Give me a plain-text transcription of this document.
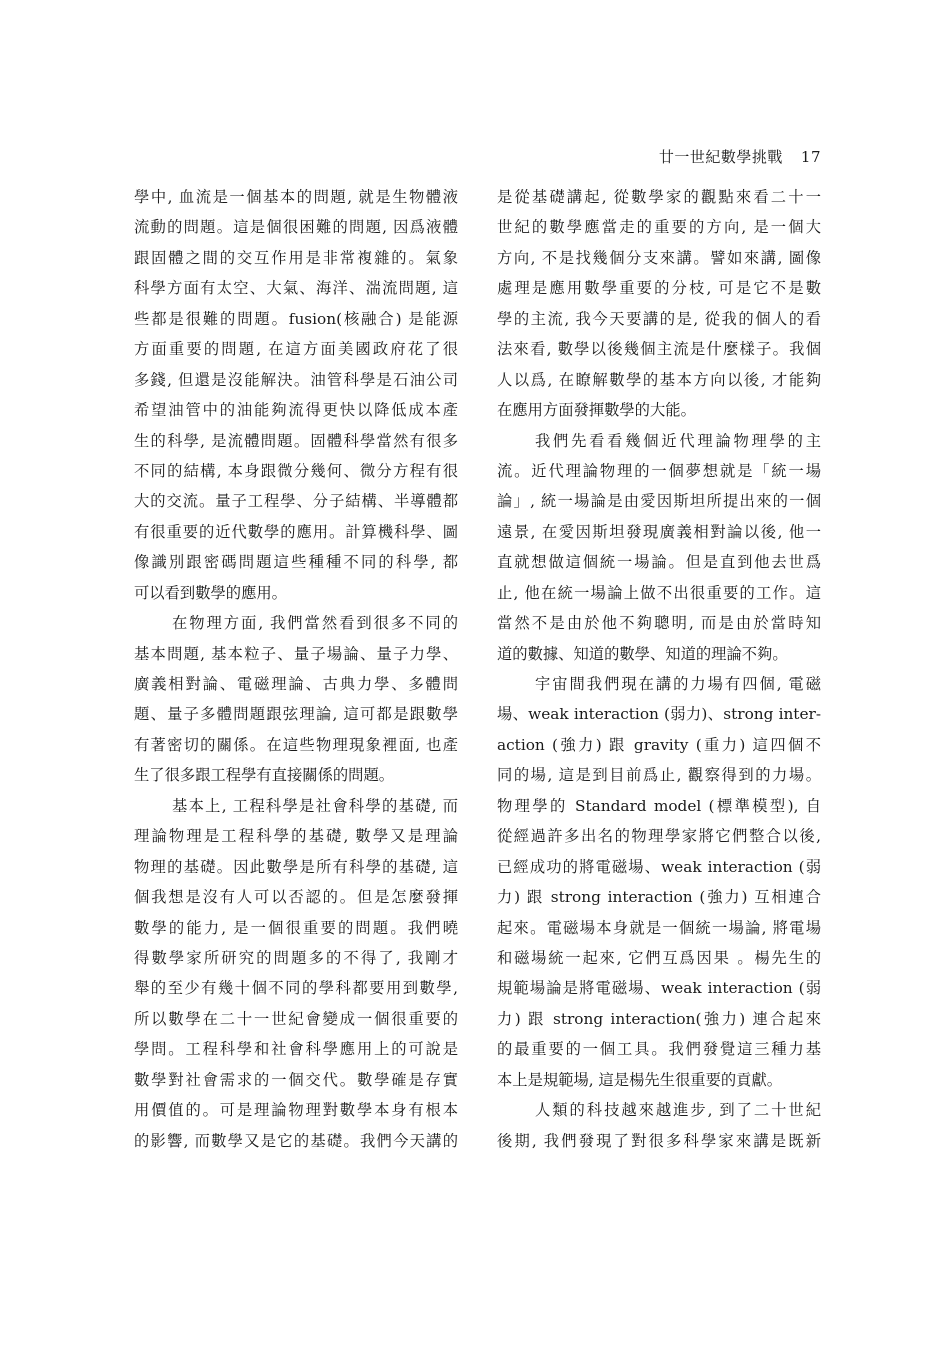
廿一世紀數學挑戰 17
學中, 血流是一個基本的問題, 就是生物體液
流動的問題。這是個很困難的問題, 因爲液體
跟固體之間的交互作用是非常複雜的。氣象
科學方面有太空、大氣、海洋、湍流問題, 這
些都是很難的問題。fusion(核融合) 是能源
方面重要的問題, 在這方面美國政府花了很
多錢, 但還是沒能解決。油管科學是石油公司
希望油管中的油能夠流得更快以降低成本產
生的科學, 是流體問題。固體科學當然有很多
不同的結構, 本身跟微分幾何、微分方程有很
大的交流。量子工程學、分子結構、半導體都
有很重要的近代數學的應用。計算機科學、圖
像識別跟密碼問題這些種種不同的科學, 都
可以看到數學的應用。
在物理方面, 我們當然看到很多不同的
基本問題, 基本粒子、量子場論、量子力學、
廣義相對論、電磁理論、古典力學、多體問
題、量子多體問題跟弦理論, 這可都是跟數學
有著密切的關係。在這些物理現象裡面, 也產
生了很多跟工程學有直接關係的問題。
基本上, 工程科學是社會科學的基礎, 而
理論物理是工程科學的基礎, 數學又是理論
物理的基礎。因此數學是所有科學的基礎, 這
個我想是沒有人可以否認的。但是怎麼發揮
數學的能力, 是一個很重要的問題。我們曉
得數學家所研究的問題多的不得了, 我剛才
舉的至少有幾十個不同的學科都要用到數學,
所以數學在二十一世紀會變成一個很重要的
學問。工程科學和社會科學應用上的可說是
數學對社會需求的一個交代。數學確是存實
用價值的。可是理論物理對數學本身有根本
的影響, 而數學又是它的基礎。我們今天講的
是從基礎講起, 從數學家的觀點來看二十一
世紀的數學應當走的重要的方向, 是一個大
方向, 不是找幾個分支來講。譬如來講, 圖像
處理是應用數學重要的分枝, 可是它不是數
學的主流, 我今天要講的是, 從我的個人的看
法來看, 數學以後幾個主流是什麼樣子。我個
人以爲, 在瞭解數學的基本方向以後, 才能夠
在應用方面發揮數學的大能。
我們先看看幾個近代理論物理學的主
流。近代理論物理的一個夢想就是「統一場
論」, 統一場論是由愛因斯坦所提出來的一個
遠景, 在愛因斯坦發現廣義相對論以後, 他一
直就想做這個統一場論。但是直到他去世爲
止, 他在統一場論上做不出很重要的工作。這
當然不是由於他不夠聰明, 而是由於當時知
道的數據、知道的數學、知道的理論不夠。
宇宙間我們現在講的力場有四個, 電磁
場、weak interaction (弱力)、strong inter-
action (強力) 跟 gravity (重力) 這四個不
同的場, 這是到目前爲止, 觀察得到的力場。
物理學的 Standard model (標準模型), 自
從經過許多出名的物理學家將它們整合以後,
已經成功的將電磁場、weak interaction (弱
力) 跟 strong interaction (強力) 互相連合
起來。電磁場本身就是一個統一場論, 將電場
和磁場統一起來, 它們互爲因果 。楊先生的
規範場論是將電磁場、weak interaction (弱
力) 跟 strong interaction(強力) 連合起來
的最重要的一個工具。我們發覺這三種力基
本上是規範場, 這是楊先生很重要的貢獻。
人類的科技越來越進步, 到了二十世紀
後期, 我們發現了對很多科學家來講是既新
